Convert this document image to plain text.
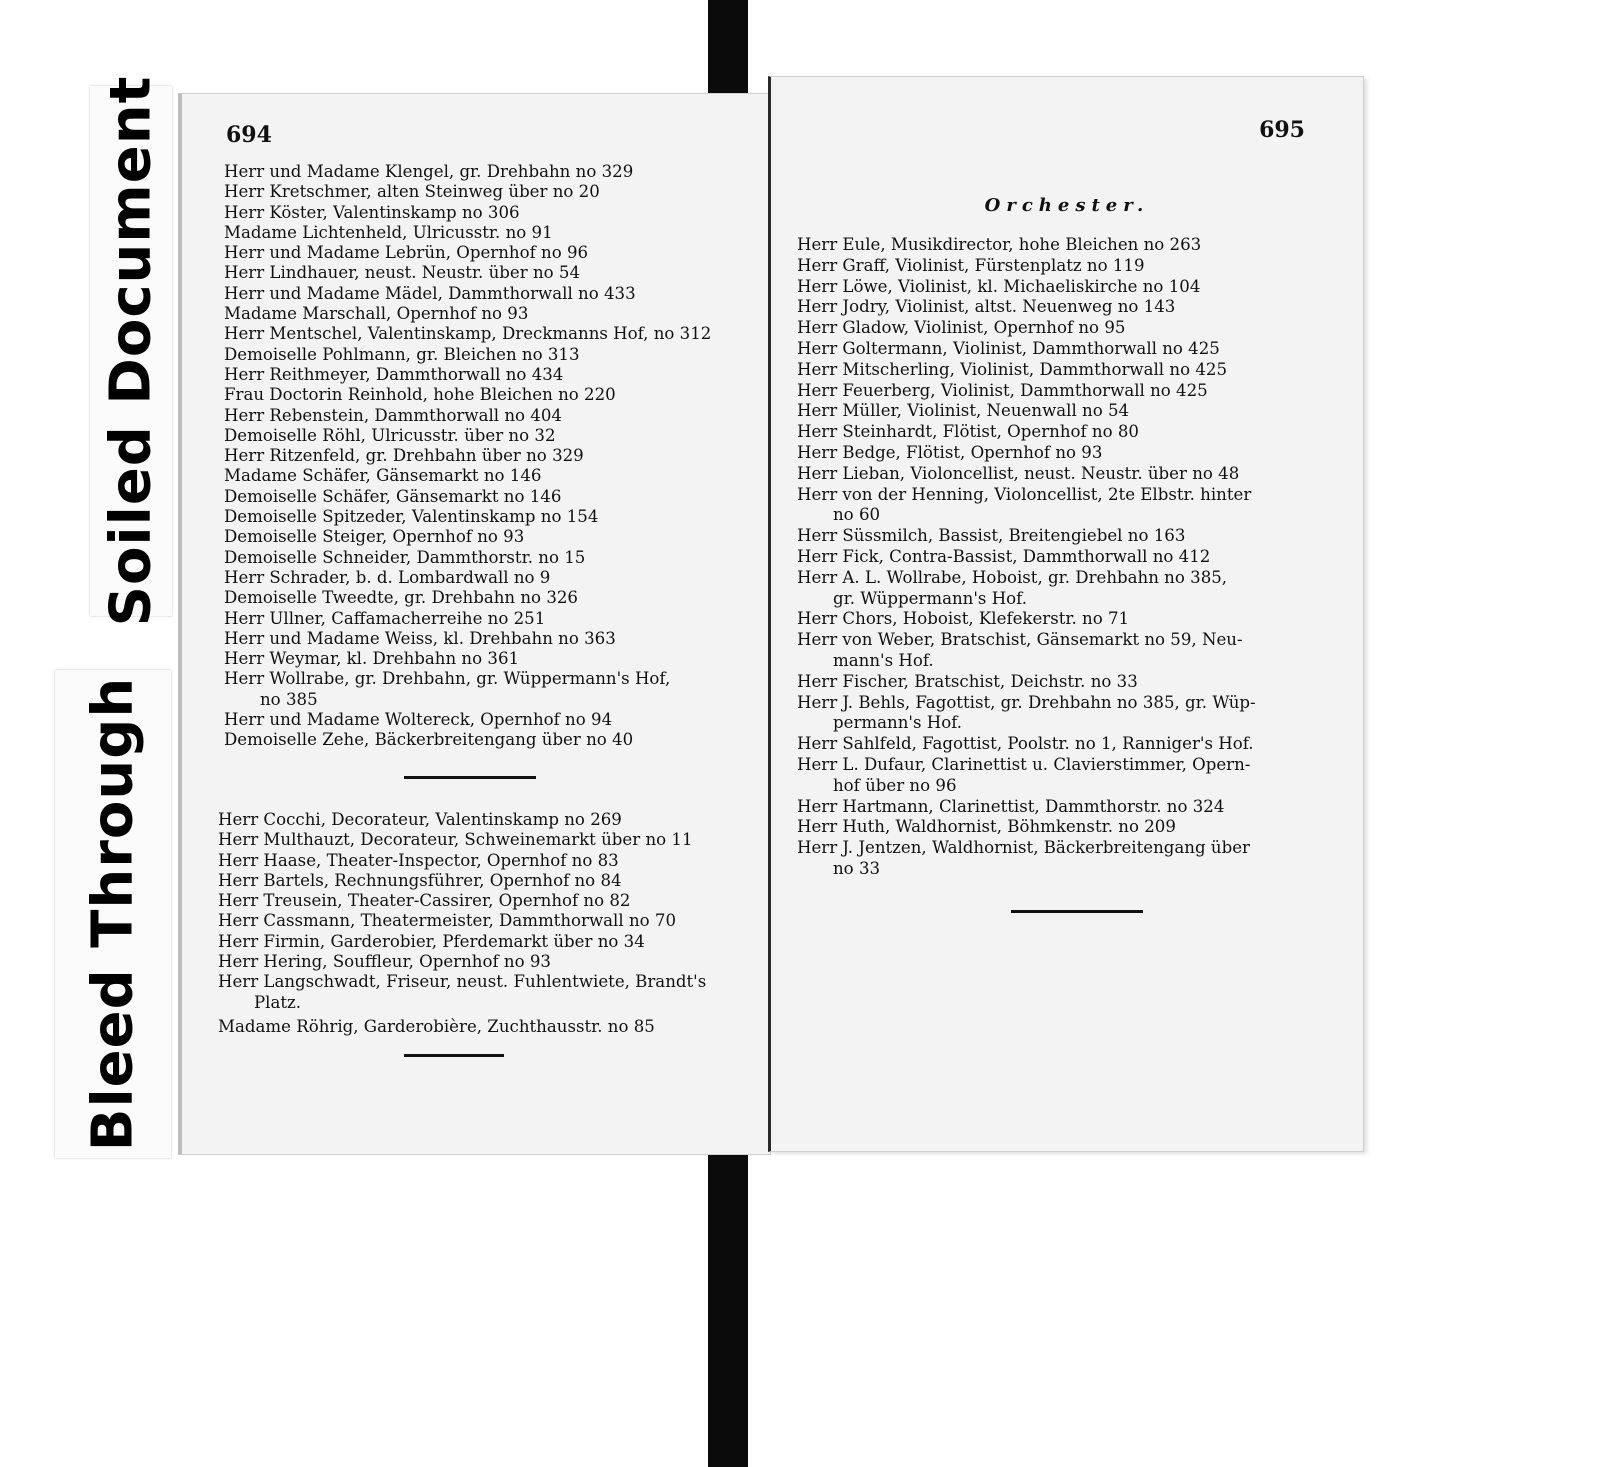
Soiled Document
Bleed Through
694
Herr und Madame Klengel, gr. Drehbahn no 329
Herr Kretschmer, alten Steinweg über no 20
Herr Köster, Valentinskamp no 306
Madame Lichtenheld, Ulricusstr. no 91
Herr und Madame Lebrün, Opernhof no 96
Herr Lindhauer, neust. Neustr. über no 54
Herr und Madame Mädel, Dammthorwall no 433
Madame Marschall, Opernhof no 93
Herr Mentschel, Valentinskamp, Dreckmanns Hof, no 312
Demoiselle Pohlmann, gr. Bleichen no 313
Herr Reithmeyer, Dammthorwall no 434
Frau Doctorin Reinhold, hohe Bleichen no 220
Herr Rebenstein, Dammthorwall no 404
Demoiselle Röhl, Ulricusstr. über no 32
Herr Ritzenfeld, gr. Drehbahn über no 329
Madame Schäfer, Gänsemarkt no 146
Demoiselle Schäfer, Gänsemarkt no 146
Demoiselle Spitzeder, Valentinskamp no 154
Demoiselle Steiger, Opernhof no 93
Demoiselle Schneider, Dammthorstr. no 15
Herr Schrader, b. d. Lombardwall no 9
Demoiselle Tweedte, gr. Drehbahn no 326
Herr Ullner, Caffamacherreihe no 251
Herr und Madame Weiss, kl. Drehbahn no 363
Herr Weymar, kl. Drehbahn no 361
Herr Wollrabe, gr. Drehbahn, gr. Wüppermann's Hof,
no 385
Herr und Madame Woltereck, Opernhof no 94
Demoiselle Zehe, Bäckerbreitengang über no 40
Herr Cocchi, Decorateur, Valentinskamp no 269
Herr Multhauzt, Decorateur, Schweinemarkt über no 11
Herr Haase, Theater-Inspector, Opernhof no 83
Herr Bartels, Rechnungsführer, Opernhof no 84
Herr Treusein, Theater-Cassirer, Opernhof no 82
Herr Cassmann, Theatermeister, Dammthorwall no 70
Herr Firmin, Garderobier, Pferdemarkt über no 34
Herr Hering, Souffleur, Opernhof no 93
Herr Langschwadt, Friseur, neust. Fuhlentwiete, Brandt's
Platz.
Madame Röhrig, Garderobière, Zuchthausstr. no 85
695
Orchester.
Herr Eule, Musikdirector, hohe Bleichen no 263
Herr Graff, Violinist, Fürstenplatz no 119
Herr Löwe, Violinist, kl. Michaeliskirche no 104
Herr Jodry, Violinist, altst. Neuenweg no 143
Herr Gladow, Violinist, Opernhof no 95
Herr Goltermann, Violinist, Dammthorwall no 425
Herr Mitscherling, Violinist, Dammthorwall no 425
Herr Feuerberg, Violinist, Dammthorwall no 425
Herr Müller, Violinist, Neuenwall no 54
Herr Steinhardt, Flötist, Opernhof no 80
Herr Bedge, Flötist, Opernhof no 93
Herr Lieban, Violoncellist, neust. Neustr. über no 48
Herr von der Henning, Violoncellist, 2te Elbstr. hinter
no 60
Herr Süssmilch, Bassist, Breitengiebel no 163
Herr Fick, Contra-Bassist, Dammthorwall no 412
Herr A. L. Wollrabe, Hoboist, gr. Drehbahn no 385,
gr. Wüppermann's Hof.
Herr Chors, Hoboist, Klefekerstr. no 71
Herr von Weber, Bratschist, Gänsemarkt no 59, Neu-
mann's Hof.
Herr Fischer, Bratschist, Deichstr. no 33
Herr J. Behls, Fagottist, gr. Drehbahn no 385, gr. Wüp-
permann's Hof.
Herr Sahlfeld, Fagottist, Poolstr. no 1, Ranniger's Hof.
Herr L. Dufaur, Clarinettist u. Clavierstimmer, Opern-
hof über no 96
Herr Hartmann, Clarinettist, Dammthorstr. no 324
Herr Huth, Waldhornist, Böhmkenstr. no 209
Herr J. Jentzen, Waldhornist, Bäckerbreitengang über
no 33
